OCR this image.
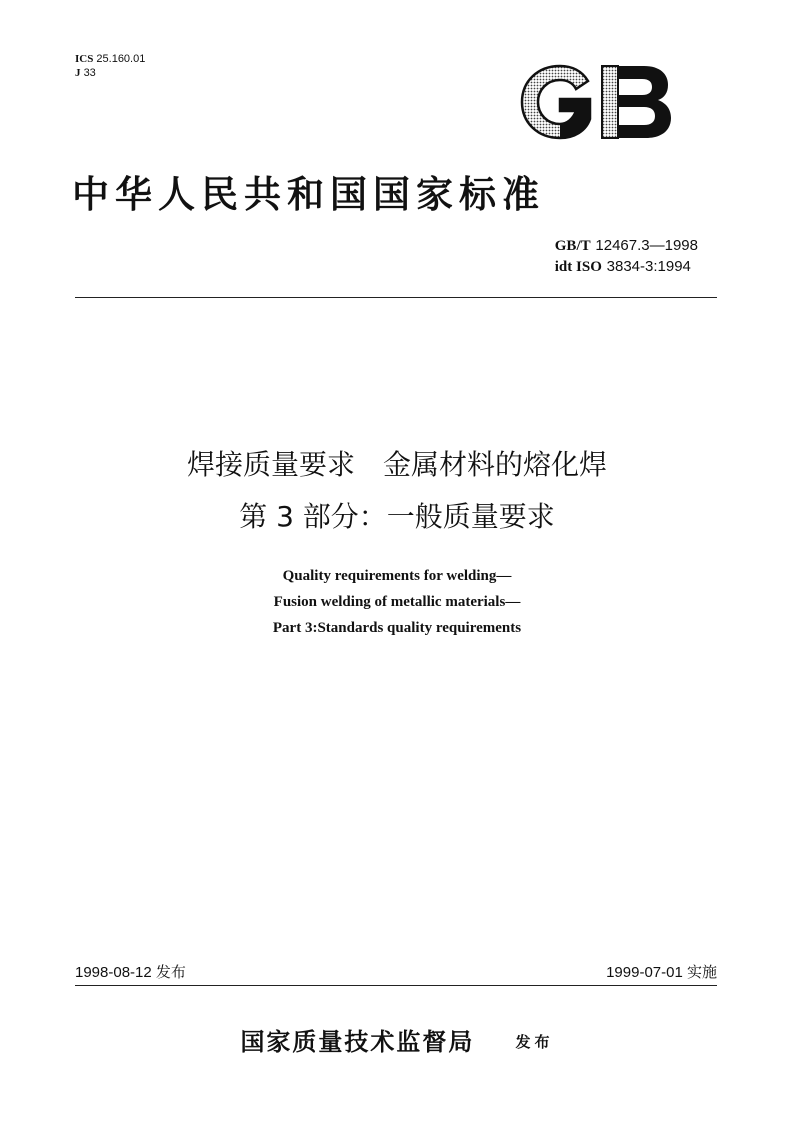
ICS 25.160.01
J 33
中华人民共和国国家标准
GB/T 12467.3—1998
idt ISO 3834-3:1994
焊接质量要求　金属材料的熔化焊
第 3 部分：一般质量要求
Quality requirements for welding—
Fusion welding of metallic materials—
Part 3:Standards quality requirements
1998-08-12 发布	1999-07-01 实施
国家质量技术监督局	发布
